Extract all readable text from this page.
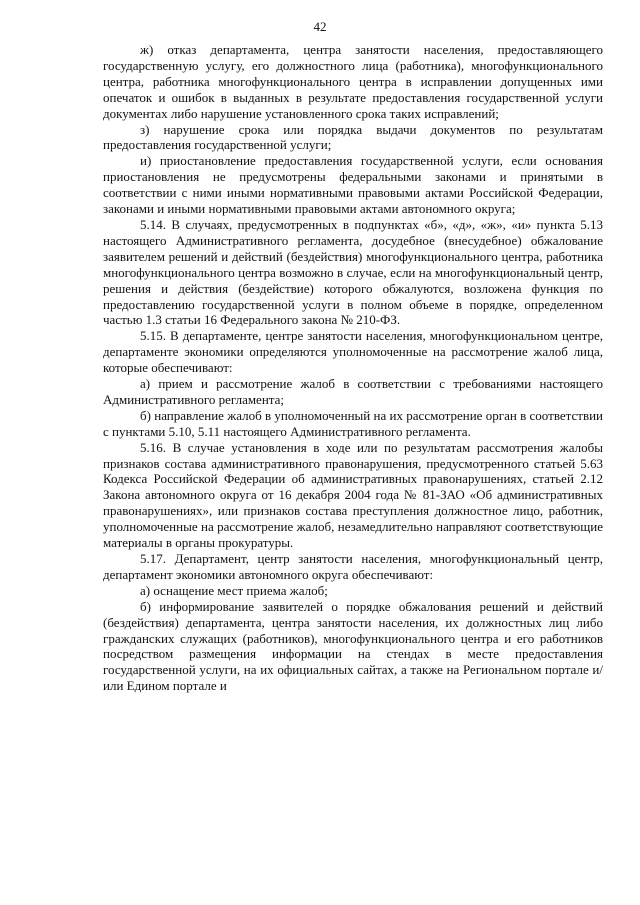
42

ж) отказ департамента, центра занятости населения, предоставляющего государственную услугу, его должностного лица (работника), многофункционального центра, работника многофункционального центра в исправлении допущенных ими опечаток и ошибок в выданных в результате предоставления государственной услуги документах либо нарушение установленного срока таких исправлений;

з) нарушение срока или порядка выдачи документов по результатам предоставления государственной услуги;

и) приостановление предоставления государственной услуги, если основания приостановления не предусмотрены федеральными законами и принятыми в соответствии с ними иными нормативными правовыми актами Российской Федерации, законами и иными нормативными правовыми актами автономного округа;

5.14. В случаях, предусмотренных в подпунктах «б», «д», «ж», «и» пункта 5.13 настоящего Административного регламента, досудебное (внесудебное) обжалование заявителем решений и действий (бездействия) многофункционального центра, работника многофункционального центра возможно в случае, если на многофункциональный центр, решения и действия (бездействие) которого обжалуются, возложена функция по предоставлению государственной услуги в полном объеме в порядке, определенном частью 1.3 статьи 16 Федерального закона № 210-ФЗ.

5.15. В департаменте, центре занятости населения, многофункциональном центре, департаменте экономики определяются уполномоченные на рассмотрение жалоб лица, которые обеспечивают:

а) прием и рассмотрение жалоб в соответствии с требованиями настоящего Административного регламента;

б) направление жалоб в уполномоченный на их рассмотрение орган в соответствии с пунктами 5.10, 5.11 настоящего Административного регламента.

5.16. В случае установления в ходе или по результатам рассмотрения жалобы признаков состава административного правонарушения, предусмотренного статьей 5.63 Кодекса Российской Федерации об административных правонарушениях, статьей 2.12 Закона автономного округа от 16 декабря 2004 года № 81-ЗАО «Об административных правонарушениях», или признаков состава преступления должностное лицо, работник, уполномоченные на рассмотрение жалоб, незамедлительно направляют соответствующие материалы в органы прокуратуры.

5.17. Департамент, центр занятости населения, многофункциональный центр, департамент экономики автономного округа обеспечивают:

а) оснащение мест приема жалоб;

б) информирование заявителей о порядке обжалования решений и действий (бездействия) департамента, центра занятости населения, их должностных лиц либо гражданских служащих (работников), многофункционального центра и его работников посредством размещения информации на стендах в месте предоставления государственной услуги, на их официальных сайтах, а также на Региональном портале и/или Едином портале и
